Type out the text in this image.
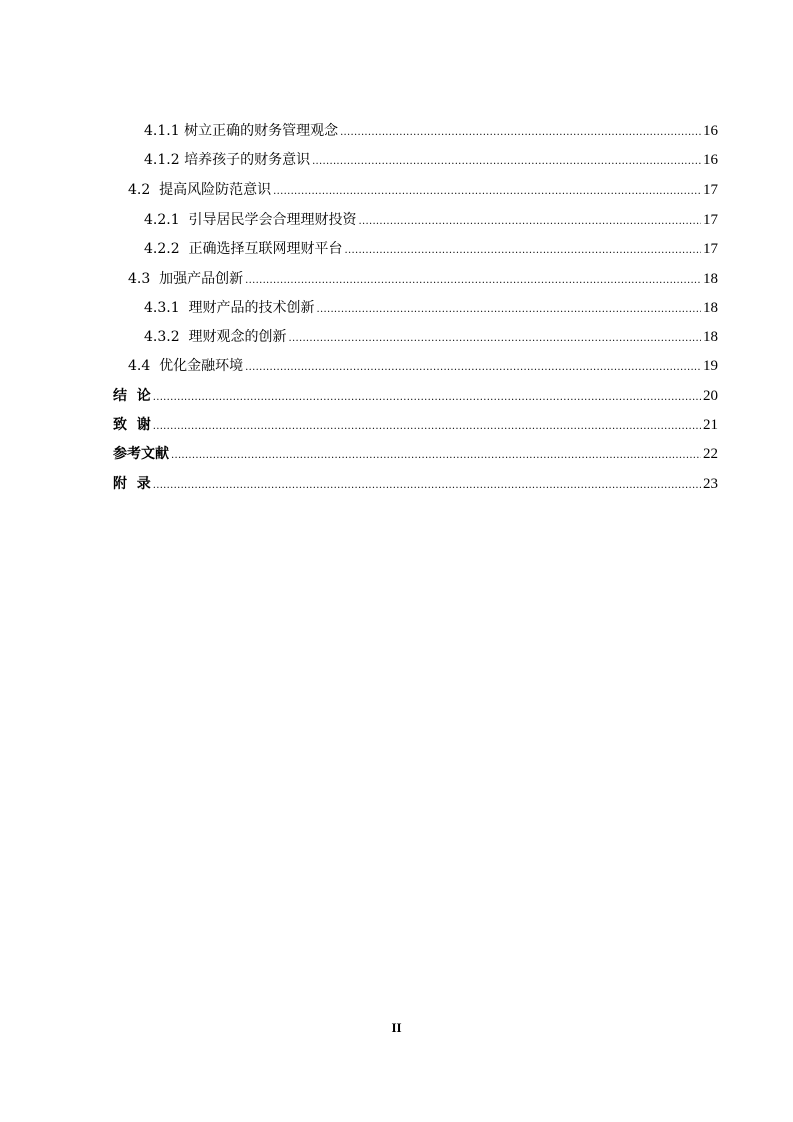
4.1.1 树立正确的财务管理观念 .....	16
4.1.2 培养孩子的财务意识 .....	16
4.2  提高风险防范意识 .....	17
4.2.1  引导居民学会合理理财投资 .....	17
4.2.2  正确选择互联网理财平台 .....	17
4.3  加强产品创新 .....	18
4.3.1  理财产品的技术创新 .....	18
4.3.2  理财观念的创新 .....	18
4.4  优化金融环境 .....	19
结  论 .....	20
致  谢 .....	21
参考文献 .....	22
附  录 .....	23
II
